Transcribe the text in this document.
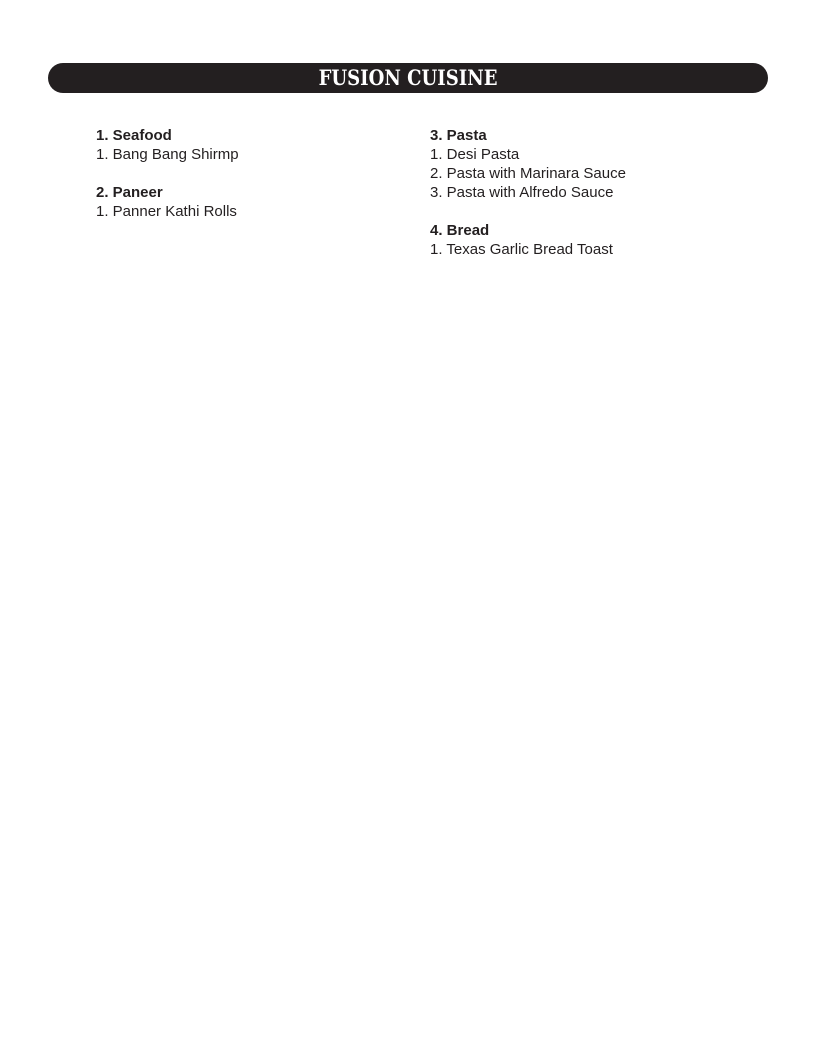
FUSION CUISINE
1. Seafood
1. Bang Bang Shirmp
2. Paneer
1. Panner Kathi Rolls
3. Pasta
1. Desi Pasta
2. Pasta with Marinara Sauce
3. Pasta with Alfredo Sauce
4. Bread
1. Texas Garlic Bread Toast
